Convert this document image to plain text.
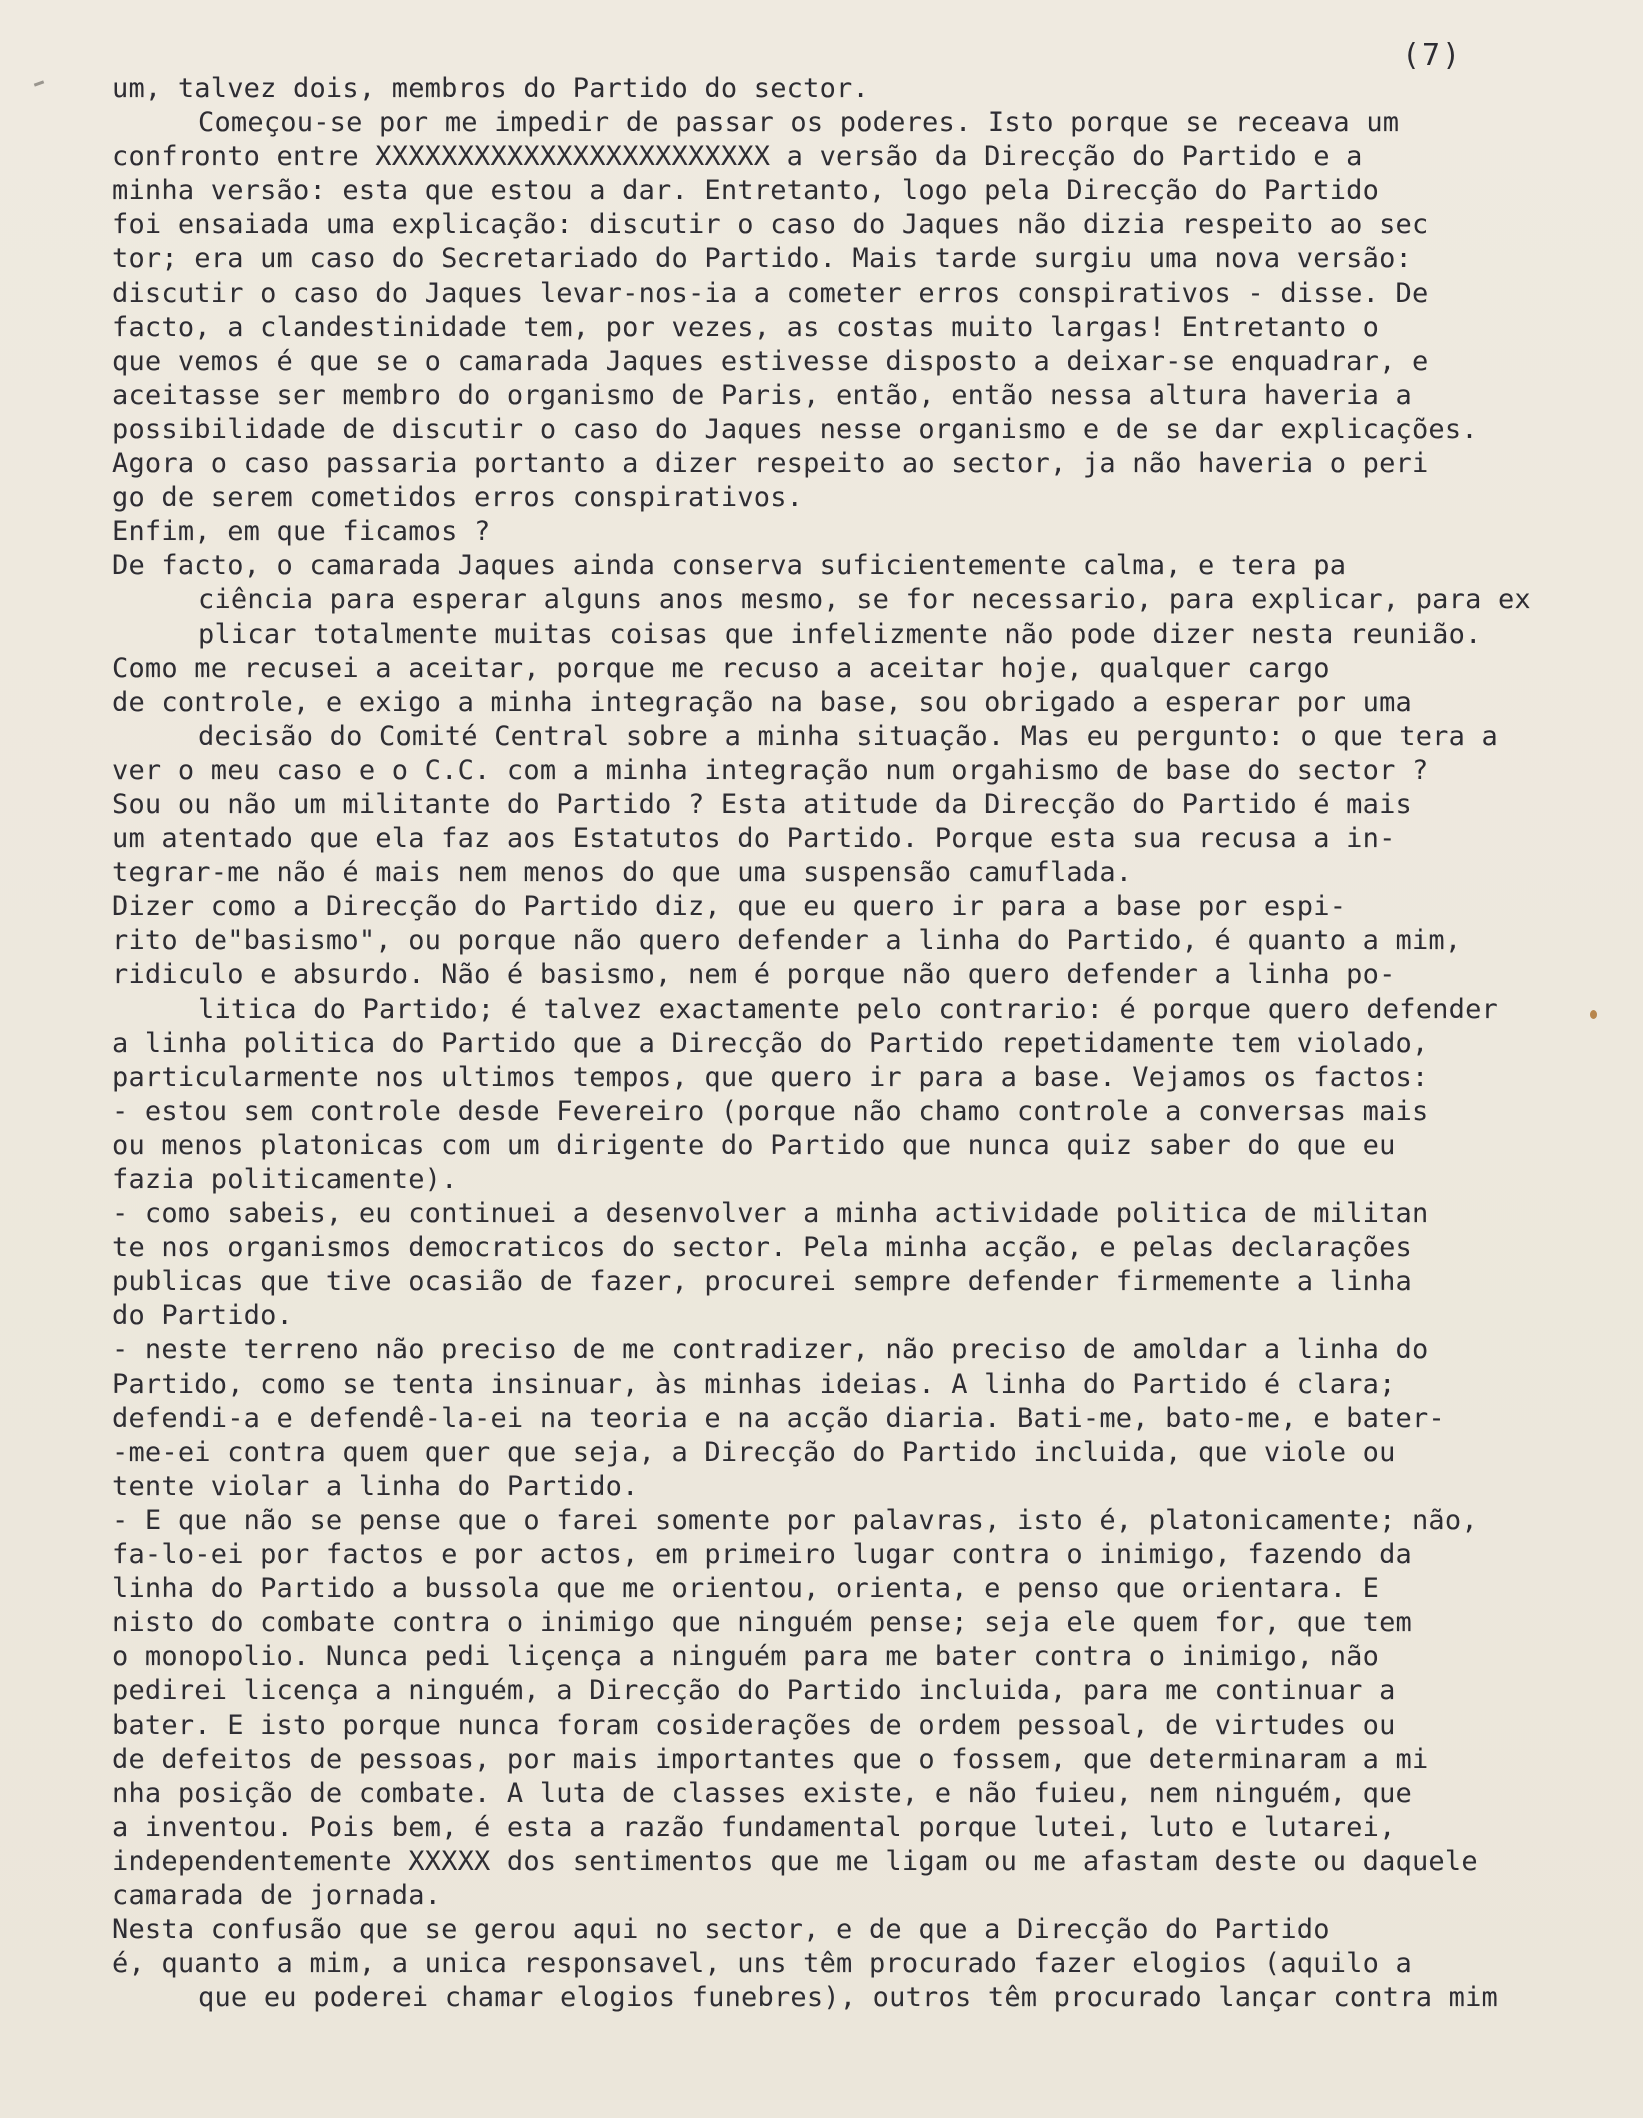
(7)
um, talvez dois, membros do Partido do sector.
Começou-se por me impedir de passar os poderes. Isto porque se receava um
confronto entre XXXXXXXXXXXXXXXXXXXXXXXX a versão da Direcção do Partido e a
minha versão: esta que estou a dar. Entretanto, logo pela Direcção do Partido
foi ensaiada uma explicação: discutir o caso do Jaques não dizia respeito ao sec
tor; era um caso do Secretariado do Partido. Mais tarde surgiu uma nova versão:
discutir o caso do Jaques levar-nos-ia a cometer erros conspirativos - disse. De
facto, a clandestinidade tem, por vezes, as costas muito largas! Entretanto o
que vemos é que se o camarada Jaques estivesse disposto a deixar-se enquadrar, e
aceitasse ser membro do organismo de Paris, então, então nessa altura haveria a
possibilidade de discutir o caso do Jaques nesse organismo e de se dar explicações.
Agora o caso passaria portanto a dizer respeito ao sector, ja não haveria o peri
go de serem cometidos erros conspirativos.
Enfim, em que ficamos ?
De facto, o camarada Jaques ainda conserva suficientemente calma, e tera pa
ciência para esperar alguns anos mesmo, se for necessario, para explicar, para ex
plicar totalmente muitas coisas que infelizmente não pode dizer nesta reunião.
Como me recusei a aceitar, porque me recuso a aceitar hoje, qualquer cargo
de controle, e exigo a minha integração na base, sou obrigado a esperar por uma
decisão do Comité Central sobre a minha situação. Mas eu pergunto: o que tera a
ver o meu caso e o C.C. com a minha integração num orgahismo de base do sector ?
Sou ou não um militante do Partido ? Esta atitude da Direcção do Partido é mais
um atentado que ela faz aos Estatutos do Partido. Porque esta sua recusa a in-
tegrar-me não é mais nem menos do que uma suspensão camuflada.
Dizer como a Direcção do Partido diz, que eu quero ir para a base por espi-
rito de"basismo", ou porque não quero defender a linha do Partido, é quanto a mim,
ridiculo e absurdo. Não é basismo, nem é porque não quero defender a linha po-
litica do Partido; é talvez exactamente pelo contrario: é porque quero defender
a linha politica do Partido que a Direcção do Partido repetidamente tem violado,
particularmente nos ultimos tempos, que quero ir para a base. Vejamos os factos:
- estou sem controle desde Fevereiro (porque não chamo controle a conversas mais
ou menos platonicas com um dirigente do Partido que nunca quiz saber do que eu
fazia politicamente).
- como sabeis, eu continuei a desenvolver a minha actividade politica de militan
te nos organismos democraticos do sector. Pela minha acção, e pelas declarações
publicas que tive ocasião de fazer, procurei sempre defender firmemente a linha
do Partido.
- neste terreno não preciso de me contradizer, não preciso de amoldar a linha do
Partido, como se tenta insinuar, às minhas ideias. A linha do Partido é clara;
defendi-a e defendê-la-ei na teoria e na acção diaria. Bati-me, bato-me, e bater-
-me-ei contra quem quer que seja, a Direcção do Partido incluida, que viole ou
tente violar a linha do Partido.
- E que não se pense que o farei somente por palavras, isto é, platonicamente; não,
fa-lo-ei por factos e por actos, em primeiro lugar contra o inimigo, fazendo da
linha do Partido a bussola que me orientou, orienta, e penso que orientara. E
nisto do combate contra o inimigo que ninguém pense; seja ele quem for, que tem
o monopolio. Nunca pedi liçença a ninguém para me bater contra o inimigo, não
pedirei licença a ninguém, a Direcção do Partido incluida, para me continuar a
bater. E isto porque nunca foram cosiderações de ordem pessoal, de virtudes ou
de defeitos de pessoas, por mais importantes que o fossem, que determinaram a mi
nha posição de combate. A luta de classes existe, e não fuieu, nem ninguém, que
a inventou. Pois bem, é esta a razão fundamental porque lutei, luto e lutarei,
independentemente XXXXX dos sentimentos que me ligam ou me afastam deste ou daquele
camarada de jornada.
Nesta confusão que se gerou aqui no sector, e de que a Direcção do Partido
é, quanto a mim, a unica responsavel, uns têm procurado fazer elogios (aquilo a
que eu poderei chamar elogios funebres), outros têm procurado lançar contra mim
